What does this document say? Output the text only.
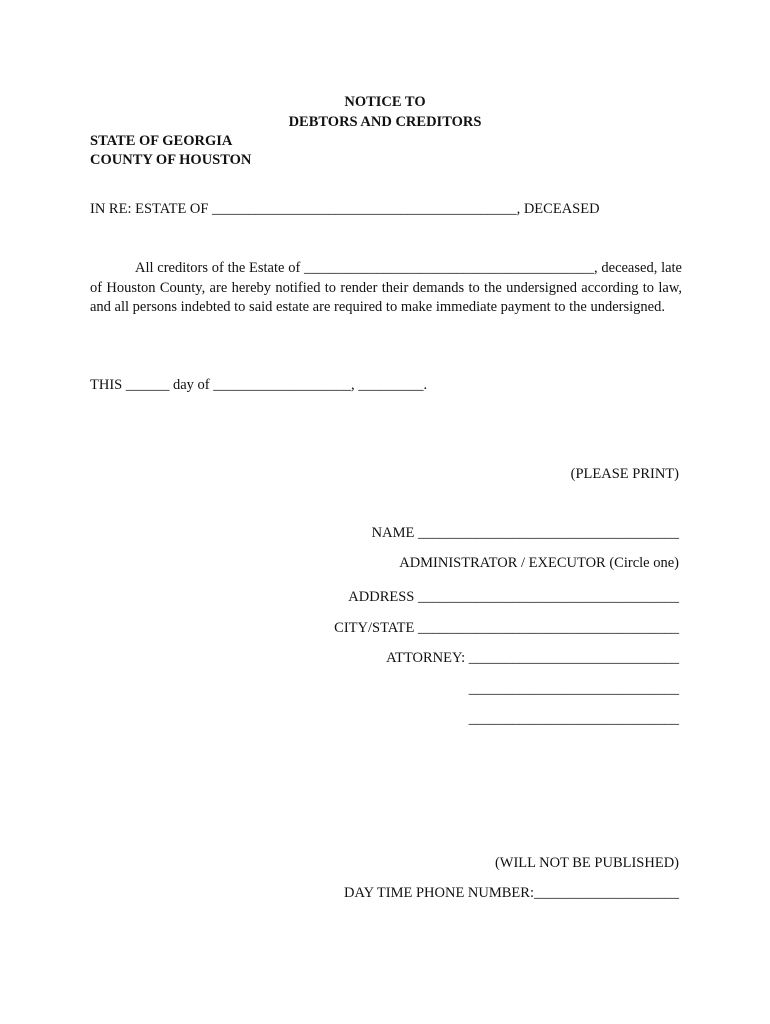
NOTICE TO
DEBTORS AND CREDITORS
STATE OF GEORGIA
COUNTY OF HOUSTON
IN RE: ESTATE OF __________________________________________, DECEASED
All creditors of the Estate of ________________________________________, deceased, late of Houston County, are hereby notified to render their demands to the undersigned according to law, and all persons indebted to said estate are required to make immediate payment to the undersigned.
THIS ______ day of ___________________, _________.
(PLEASE PRINT)
NAME ____________________________________
ADMINISTRATOR / EXECUTOR (Circle one)
ADDRESS ____________________________________
CITY/STATE ____________________________________
ATTORNEY: _____________________________
_____________________________
_____________________________
(WILL NOT BE PUBLISHED)
DAY TIME PHONE NUMBER:____________________
